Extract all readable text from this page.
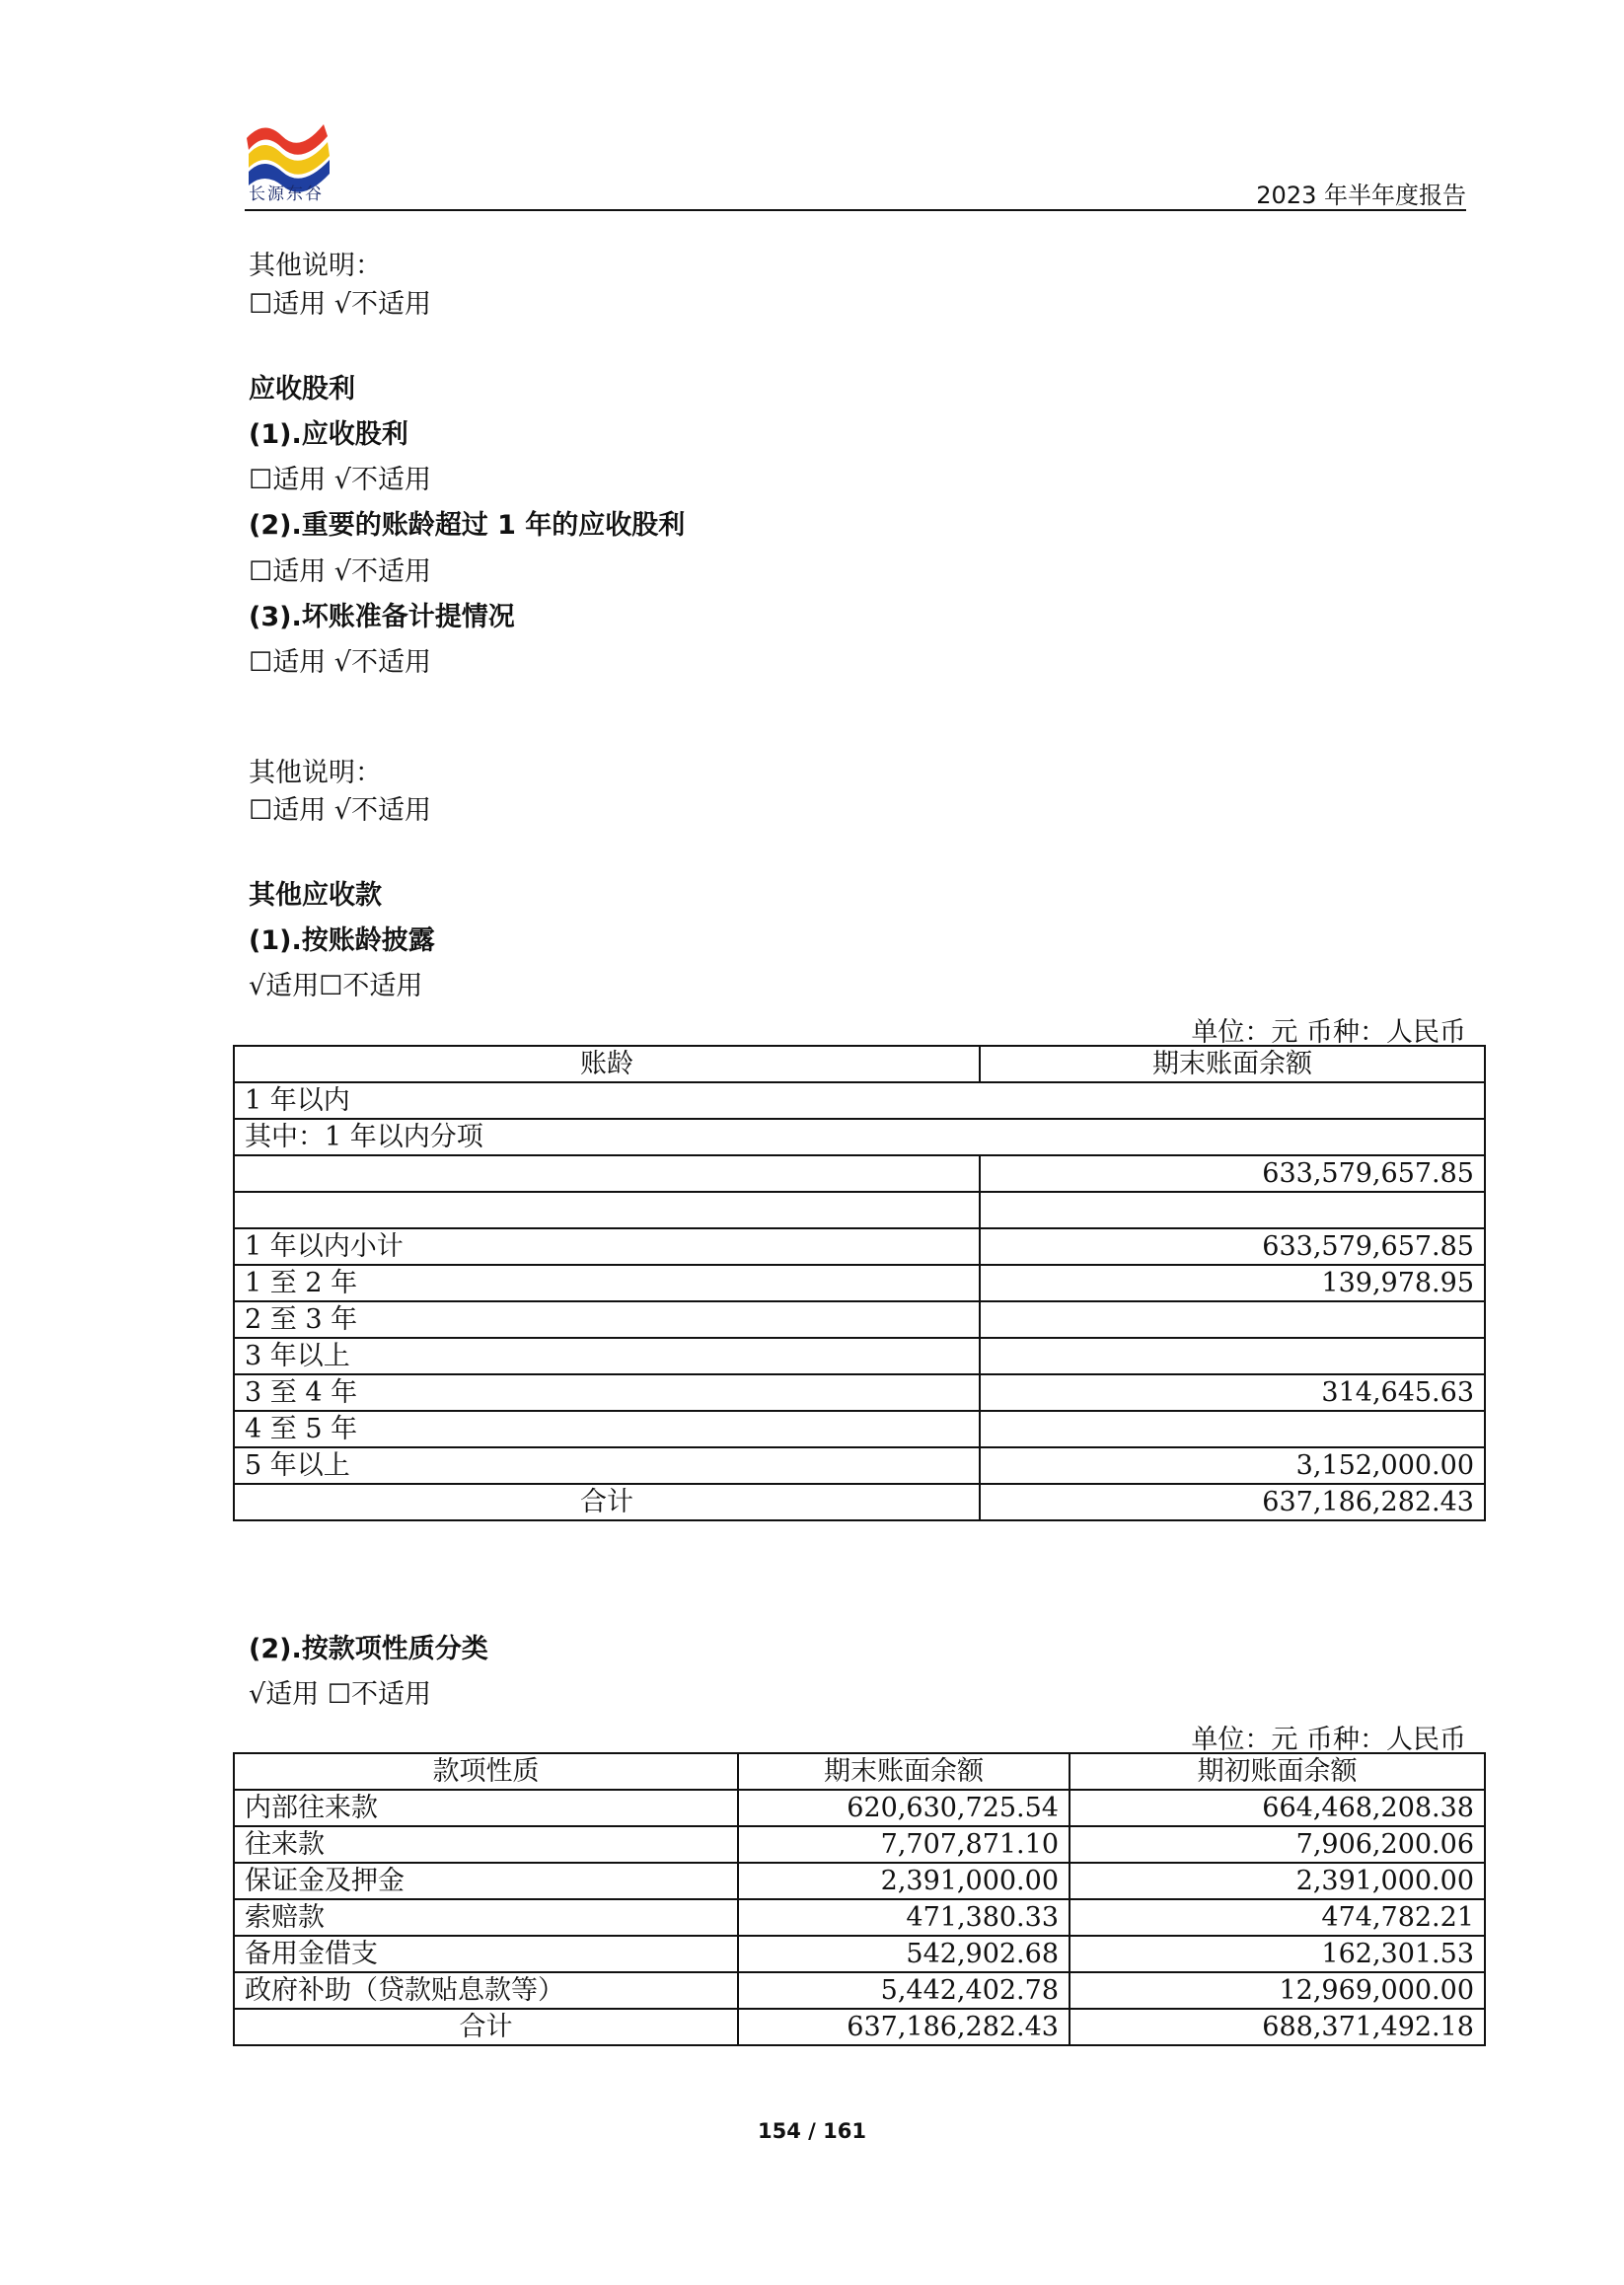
长源东谷	2023 年半年度报告
其他说明：
☐适用 √不适用
应收股利
(1).应收股利
☐适用 √不适用
(2).重要的账龄超过 1 年的应收股利
☐适用 √不适用
(3).坏账准备计提情况
☐适用 √不适用
其他说明：
☐适用 √不适用
其他应收款
(1).按账龄披露
√适用☐不适用
单位：元 币种：人民币
账龄	期末账面余额
1 年以内	
其中：1 年以内分项	
	633,579,657.85

1 年以内小计	633,579,657.85
1 至 2 年	139,978.95
2 至 3 年	
3 年以上	
3 至 4 年	314,645.63
4 至 5 年	
5 年以上	3,152,000.00
合计	637,186,282.43
(2).按款项性质分类
√适用 ☐不适用
单位：元 币种：人民币
款项性质	期末账面余额	期初账面余额
内部往来款	620,630,725.54	664,468,208.38
往来款	7,707,871.10	7,906,200.06
保证金及押金	2,391,000.00	2,391,000.00
索赔款	471,380.33	474,782.21
备用金借支	542,902.68	162,301.53
政府补助（贷款贴息款等）	5,442,402.78	12,969,000.00
合计	637,186,282.43	688,371,492.18
154 / 161
